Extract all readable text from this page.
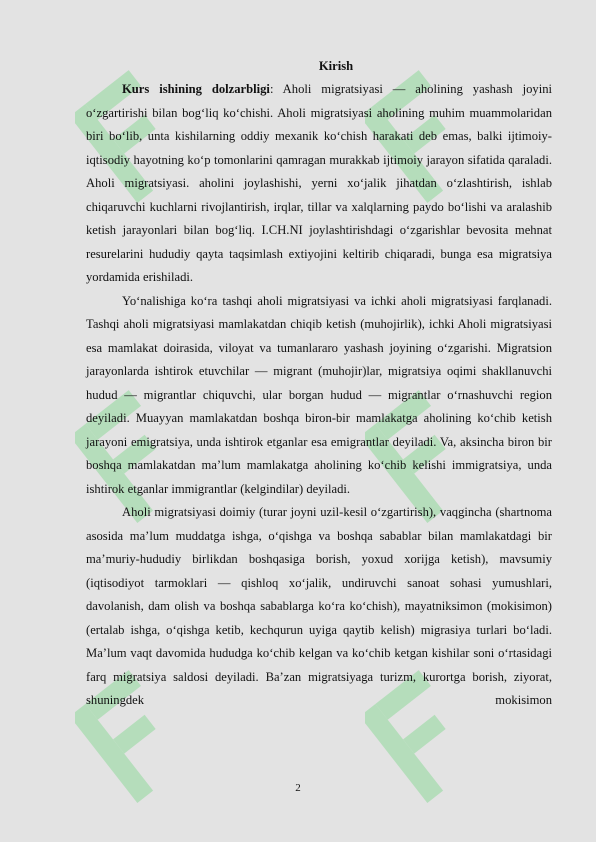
Kirish

Kurs ishining dolzarbligi: Aholi migratsiyasi — aholining yashash joyini o‘zgartirishi bilan bog‘liq ko‘chishi. Aholi migratsiyasi aholining muhim muammolaridan biri bo‘lib, unta kishilarning oddiy mexanik ko‘chish harakati deb emas, balki ijtimoiy-iqtisodiy hayotning ko‘p tomonlarini qamragan murakkab ijtimoiy jarayon sifatida qaraladi. Aholi migratsiyasi. aholini joylashishi, yerni xo‘jalik jihatdan o‘zlashtirish, ishlab chiqaruvchi kuchlarni rivojlantirish, irqlar, tillar va xalqlarning paydo bo‘lishi va aralashib ketish jarayonlari bilan bog‘liq. I.CH.NI joylashtirishdagi o‘zgarishlar bevosita mehnat resurelarini hududiy qayta taqsimlash extiyojini keltirib chiqaradi, bunga esa migratsiya yordamida erishiladi.

Yo‘nalishiga ko‘ra tashqi aholi migratsiyasi va ichki aholi migratsiyasi farqlanadi. Tashqi aholi migratsiyasi mamlakatdan chiqib ketish (muhojirlik), ichki Aholi migratsiyasi esa mamlakat doirasida, viloyat va tumanlararo yashash joyining o‘zgarishi. Migratsion jarayonlarda ishtirok etuvchilar — migrant (muhojir)lar, migratsiya oqimi shakllanuvchi hudud — migrantlar chiquvchi, ular borgan hudud — migrantlar o‘rnashuvchi region deyiladi. Muayyan mamlakatdan boshqa biron-bir mamlakatga aholining ko‘chib ketish jarayoni emigratsiya, unda ishtirok etganlar esa emigrantlar deyiladi. Va, aksincha biron bir boshqa mamlakatdan ma’lum mamlakatga aholining ko‘chib kelishi immigratsiya, unda ishtirok etganlar immigrantlar (kelgindilar) deyiladi.

Aholi migratsiyasi doimiy (turar joyni uzil-kesil o‘zgartirish), vaqgincha (shartnoma asosida ma’lum muddatga ishga, o‘qishga va boshqa sabablar bilan mamlakatdagi bir ma’muriy-hududiy birlikdan boshqasiga borish, yoxud xorijga ketish), mavsumiy (iqtisodiyot tarmoklari — qishloq xo‘jalik, undiruvchi sanoat sohasi yumushlari, davolanish, dam olish va boshqa sabablarga ko‘ra ko‘chish), mayatniksimon (mokisimon) (ertalab ishga, o‘qishga ketib, kechqurun uyiga qaytib kelish) migrasiya turlari bo‘ladi. Ma’lum vaqt davomida hududga ko‘chib kelgan va ko‘chib ketgan kishilar soni o‘rtasidagi farq migratsiya saldosi deyiladi. Ba’zan migratsiyaga turizm, kurortga borish, ziyorat, shuningdek mokisimon

2
